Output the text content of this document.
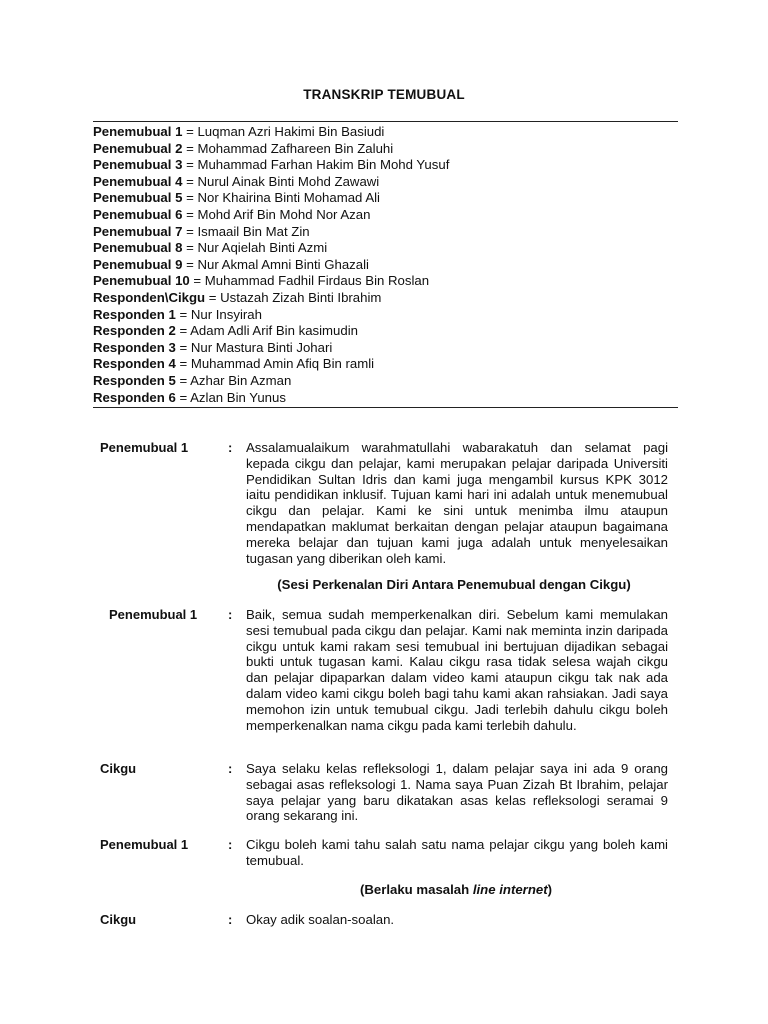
TRANSKRIP TEMUBUAL
Penemubual 1 = Luqman Azri Hakimi Bin Basiudi
Penemubual 2 = Mohammad Zafhareen Bin Zaluhi
Penemubual 3 = Muhammad Farhan Hakim Bin Mohd Yusuf
Penemubual 4 = Nurul Ainak Binti Mohd Zawawi
Penemubual 5 = Nor Khairina Binti Mohamad Ali
Penemubual 6 = Mohd Arif Bin Mohd Nor Azan
Penemubual 7 = Ismaail Bin Mat Zin
Penemubual 8 = Nur Aqielah Binti Azmi
Penemubual 9 = Nur Akmal Amni Binti Ghazali
Penemubual 10 = Muhammad Fadhil Firdaus Bin Roslan
Responden\Cikgu = Ustazah Zizah Binti Ibrahim
Responden 1 = Nur Insyirah
Responden 2 = Adam Adli Arif Bin kasimudin
Responden 3 = Nur Mastura Binti Johari
Responden 4 = Muhammad Amin Afiq Bin ramli
Responden 5 = Azhar Bin Azman
Responden 6 = Azlan Bin Yunus
Penemubual 1	: Assalamualaikum warahmatullahi wabarakatuh dan selamat pagi kepada cikgu dan pelajar, kami merupakan pelajar daripada Universiti Pendidikan Sultan Idris dan kami juga mengambil kursus KPK 3012 iaitu pendidikan inklusif. Tujuan kami hari ini adalah untuk menemubual cikgu dan pelajar. Kami ke sini untuk menimba ilmu ataupun mendapatkan maklumat berkaitan dengan pelajar ataupun bagaimana mereka belajar dan tujuan kami juga adalah untuk menyelesaikan tugasan yang diberikan oleh kami.
(Sesi Perkenalan Diri Antara Penemubual dengan Cikgu)
Penemubual 1 : Baik, semua sudah memperkenalkan diri. Sebelum kami memulakan sesi temubual pada cikgu dan pelajar. Kami nak meminta inzin daripada cikgu untuk kami rakam sesi temubual ini bertujuan dijadikan sebagai bukti untuk tugasan kami. Kalau cikgu rasa tidak selesa wajah cikgu dan pelajar dipaparkan dalam video kami ataupun cikgu tak nak ada dalam video kami cikgu boleh bagi tahu kami akan rahsiakan. Jadi saya memohon izin untuk temubual cikgu. Jadi terlebih dahulu cikgu boleh memperkenalkan nama cikgu pada kami terlebih dahulu.
Cikgu	: Saya selaku kelas refleksologi 1, dalam pelajar saya ini ada 9 orang sebagai asas refleksologi 1. Nama saya Puan Zizah Bt Ibrahim, pelajar saya pelajar yang baru dikatakan asas kelas refleksologi seramai 9 orang sekarang ini.
Penemubual 1	: Cikgu boleh kami tahu salah satu nama pelajar cikgu yang boleh kami temubual.
(Berlaku masalah line internet)
Cikgu	: Okay adik soalan-soalan.
